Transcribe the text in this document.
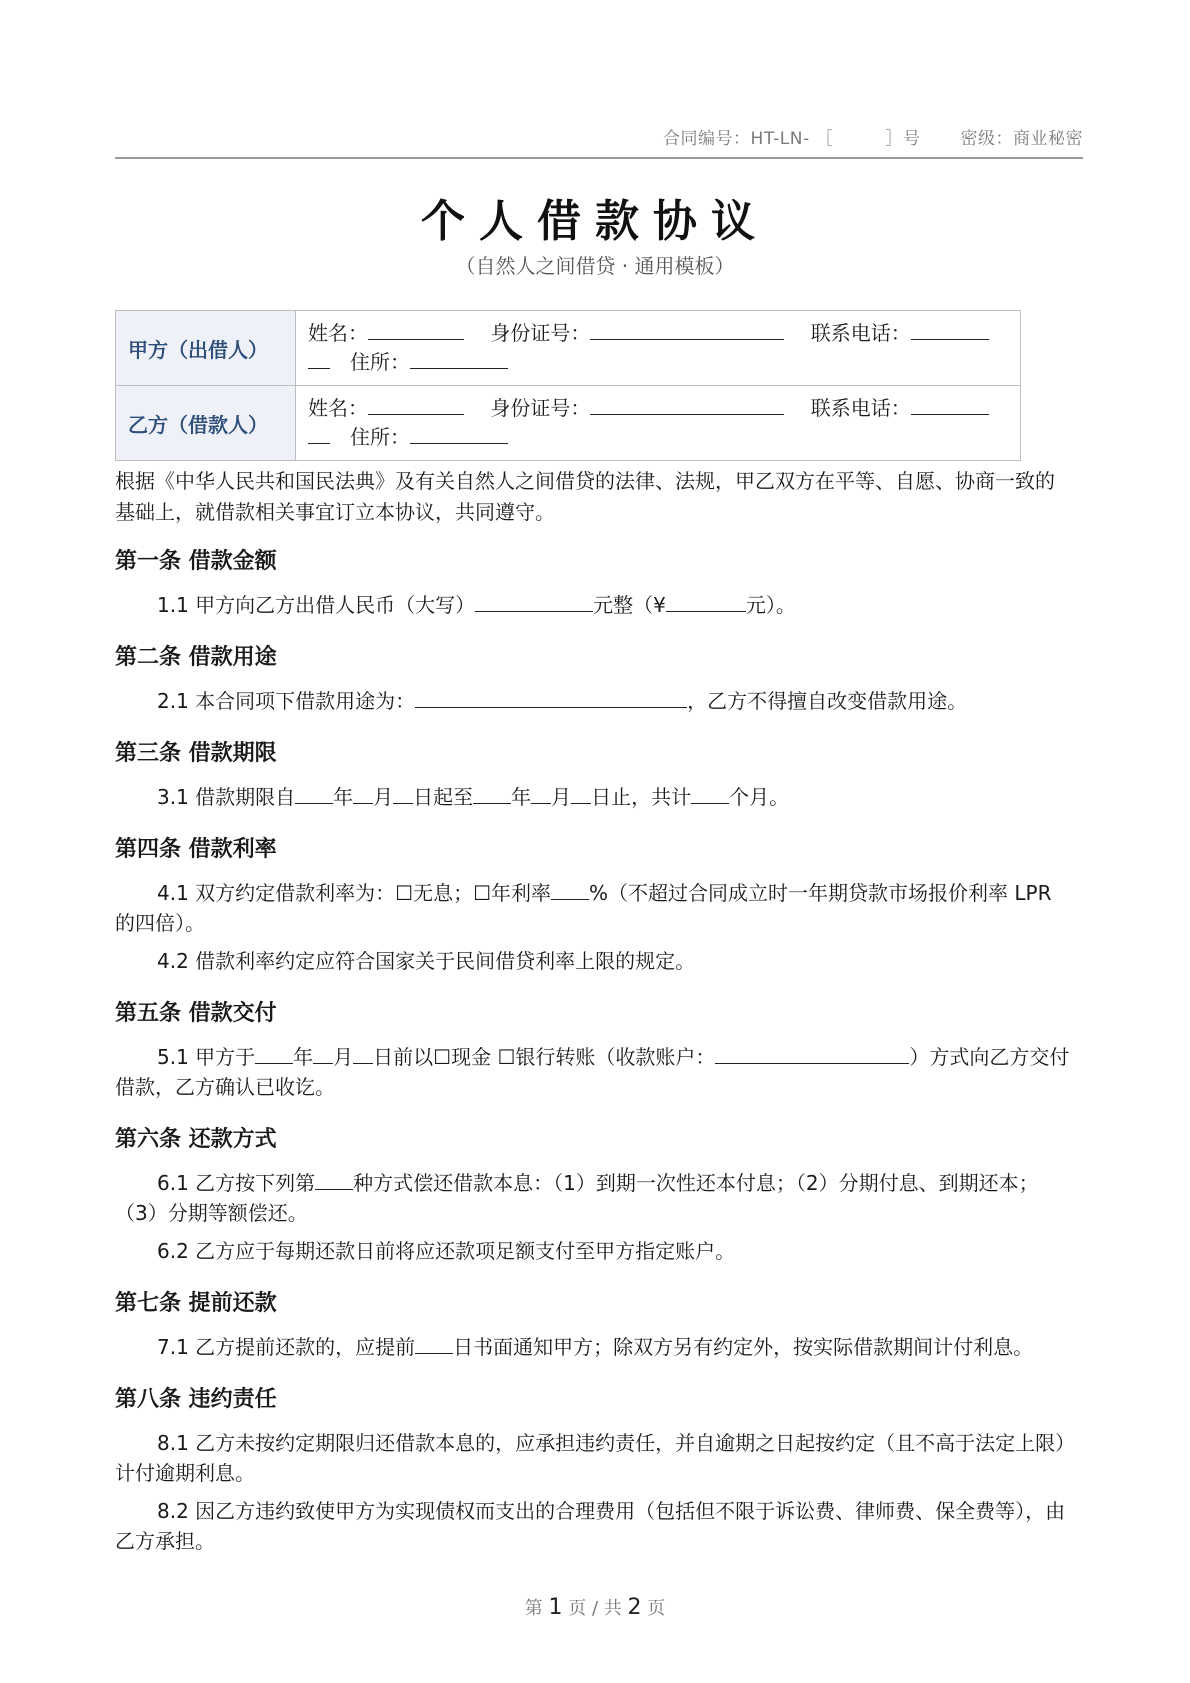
合同编号：HT-LN- ［　　　］号 密级：商业秘密
个人借款协议
（自然人之间借贷 · 通用模板）
甲方（出借人）	姓名：　 身份证号：　 联系电话：
　住所：
乙方（借款人）	姓名：　 身份证号：　 联系电话：
　住所：
根据《中华人民共和国民法典》及有关自然人之间借贷的法律、法规，甲乙双方在平等、自愿、协商一致的基础上，就借款相关事宜订立本协议，共同遵守。
第一条 借款金额
1.1 甲方向乙方出借人民币（大写）	元整（¥	元）。
第二条 借款用途
2.1 本合同项下借款用途为：	，乙方不得擅自改变借款用途。
第三条 借款期限
3.1 借款期限自 年 月 日起至 年 月 日止，共计 个月。
第四条 借款利率
4.1 双方约定借款利率为：☐无息；☐年利率 %（不超过合同成立时一年期贷款市场报价利率 LPR 的四倍）。
4.2 借款利率约定应符合国家关于民间借贷利率上限的规定。
第五条 借款交付
5.1 甲方于 年 月 日前以☐现金 ☐银行转账（收款账户：	）方式向乙方交付借款，乙方确认已收讫。
第六条 还款方式
6.1 乙方按下列第 种方式偿还借款本息：（1）到期一次性还本付息；（2）分期付息、到期还本；（3）分期等额偿还。
6.2 乙方应于每期还款日前将应还款项足额支付至甲方指定账户。
第七条 提前还款
7.1 乙方提前还款的，应提前 日书面通知甲方；除双方另有约定外，按实际借款期间计付利息。
第八条 违约责任
8.1 乙方未按约定期限归还借款本息的，应承担违约责任，并自逾期之日起按约定（且不高于法定上限）计付逾期利息。
8.2 因乙方违约致使甲方为实现债权而支出的合理费用（包括但不限于诉讼费、律师费、保全费等），由乙方承担。
第 1 页 / 共 2 页
